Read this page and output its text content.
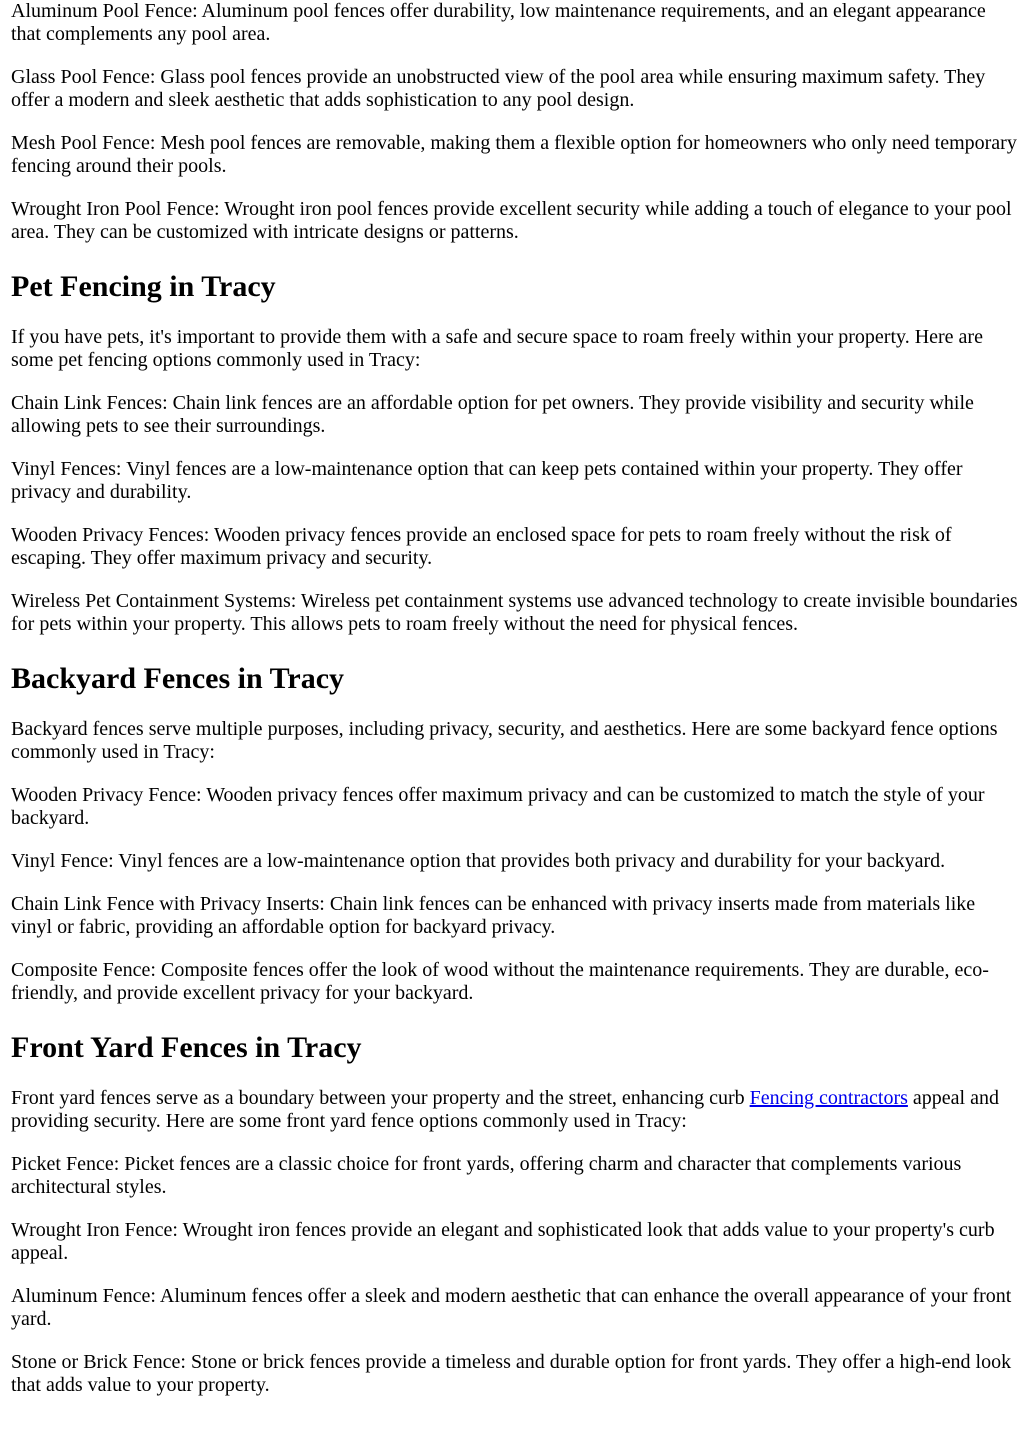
Aluminum Pool Fence: Aluminum pool fences offer durability, low maintenance requirements, and an elegant appearance that complements any pool area.

Glass Pool Fence: Glass pool fences provide an unobstructed view of the pool area while ensuring maximum safety. They offer a modern and sleek aesthetic that adds sophistication to any pool design.

Mesh Pool Fence: Mesh pool fences are removable, making them a flexible option for homeowners who only need temporary fencing around their pools.

Wrought Iron Pool Fence: Wrought iron pool fences provide excellent security while adding a touch of elegance to your pool area. They can be customized with intricate designs or patterns.

Pet Fencing in Tracy

If you have pets, it's important to provide them with a safe and secure space to roam freely within your property. Here are some pet fencing options commonly used in Tracy:

Chain Link Fences: Chain link fences are an affordable option for pet owners. They provide visibility and security while allowing pets to see their surroundings.

Vinyl Fences: Vinyl fences are a low-maintenance option that can keep pets contained within your property. They offer privacy and durability.

Wooden Privacy Fences: Wooden privacy fences provide an enclosed space for pets to roam freely without the risk of escaping. They offer maximum privacy and security.

Wireless Pet Containment Systems: Wireless pet containment systems use advanced technology to create invisible boundaries for pets within your property. This allows pets to roam freely without the need for physical fences.

Backyard Fences in Tracy

Backyard fences serve multiple purposes, including privacy, security, and aesthetics. Here are some backyard fence options commonly used in Tracy:

Wooden Privacy Fence: Wooden privacy fences offer maximum privacy and can be customized to match the style of your backyard.

Vinyl Fence: Vinyl fences are a low-maintenance option that provides both privacy and durability for your backyard.

Chain Link Fence with Privacy Inserts: Chain link fences can be enhanced with privacy inserts made from materials like vinyl or fabric, providing an affordable option for backyard privacy.

Composite Fence: Composite fences offer the look of wood without the maintenance requirements. They are durable, eco-friendly, and provide excellent privacy for your backyard.

Front Yard Fences in Tracy

Front yard fences serve as a boundary between your property and the street, enhancing curb Fencing contractors appeal and providing security. Here are some front yard fence options commonly used in Tracy:

Picket Fence: Picket fences are a classic choice for front yards, offering charm and character that complements various architectural styles.

Wrought Iron Fence: Wrought iron fences provide an elegant and sophisticated look that adds value to your property's curb appeal.

Aluminum Fence: Aluminum fences offer a sleek and modern aesthetic that can enhance the overall appearance of your front yard.

Stone or Brick Fence: Stone or brick fences provide a timeless and durable option for front yards. They offer a high-end look that adds value to your property.
